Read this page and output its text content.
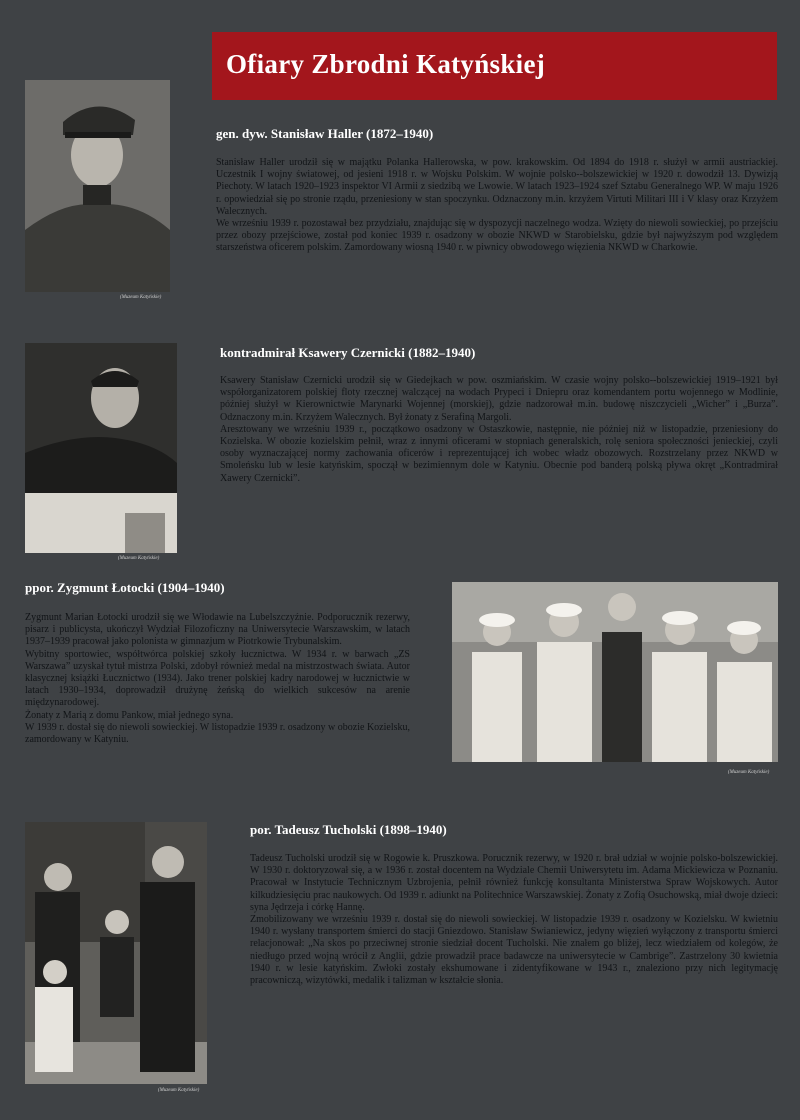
Ofiary Zbrodni Katyńskiej
(Muzeum Katyńskie)
gen. dyw. Stanisław Haller (1872–1940)

Stanisław Haller urodził się w majątku Polanka Hallerowska, w pow. krakowskim. Od 1894 do 1918 r. służył w armii austriackiej. Uczestnik I wojny światowej, od jesieni 1918 r. w Wojsku Polskim. W wojnie polsko--bolszewickiej w 1920 r. dowodził 13. Dywizją Piechoty. W latach 1920–1923 inspektor VI Armii z siedzibą we Lwowie. W latach 1923–1924 szef Sztabu Generalnego WP. W maju 1926 r. opowiedział się po stronie rządu, przeniesiony w stan spoczynku. Odznaczony m.in. krzyżem Virtuti Militari III i V klasy oraz Krzyżem Walecznych.

We wrześniu 1939 r. pozostawał bez przydziału, znajdując się w dyspozycji naczelnego wodza. Wzięty do niewoli sowieckiej, po przejściu przez obozy przejściowe, został pod koniec 1939 r. osadzony w obozie NKWD w Starobielsku, gdzie był najwyższym pod względem starszeństwa oficerem polskim. Zamordowany wiosną 1940 r. w piwnicy obwodowego więzienia NKWD w Charkowie.

(Muzeum Katyńskie)
kontradmirał Ksawery Czernicki (1882–1940)

Ksawery Stanisław Czernicki urodził się w Giedejkach w pow. oszmiańskim. W czasie wojny polsko--bolszewickiej 1919–1921 był współorganizatorem polskiej floty rzecznej walczącej na wodach Prypeci i Dniepru oraz komendantem portu wojennego w Modlinie, później służył w Kierownictwie Marynarki Wojennej (morskiej), gdzie nadzorował m.in. budowę niszczycieli „Wicher” i „Burza”. Odznaczony m.in. Krzyżem Walecznych. Był żonaty z Serafiną Margoli.

Aresztowany we wrześniu 1939 r., początkowo osadzony w Ostaszkowie, następnie, nie później niż w listopadzie, przeniesiony do Kozielska. W obozie kozielskim pełnił, wraz z innymi oficerami w stopniach generalskich, rolę seniora społeczności jenieckiej, czyli osoby wyznaczającej normy zachowania oficerów i reprezentującej ich wobec władz obozowych. Rozstrzelany przez NKWD w Smoleńsku lub w lesie katyńskim, spoczął w bezimiennym dole w Katyniu. Obecnie pod banderą polską pływa okręt „Kontradmirał Xawery Czernicki”.

ppor. Zygmunt Łotocki (1904–1940)

Zygmunt Marian Łotocki urodził się we Włodawie na Lubelszczyźnie. Podporucznik rezerwy, pisarz i publicysta, ukończył Wydział Filozoficzny na Uniwersytecie Warszawskim, w latach 1937–1939 pracował jako polonista w gimnazjum w Piotrkowie Trybunalskim.

Wybitny sportowiec, współtwórca polskiej szkoły łucznictwa. W 1934 r. w barwach „ZS Warszawa” uzyskał tytuł mistrza Polski, zdobył również medal na mistrzostwach świata. Autor klasycznej książki Łucznictwo (1934). Jako trener polskiej kadry narodowej w łucznictwie w latach 1930–1934, doprowadził drużynę żeńską do wielkich sukcesów na arenie międzynarodowej.

Żonaty z Marią z domu Pankow, miał jednego syna.

W 1939 r. dostał się do niewoli sowieckiej. W listopadzie 1939 r. osadzony w obozie Kozielsku, zamordowany w Katyniu.

(Muzeum Katyńskie)
(Muzeum Katyńskie)
por. Tadeusz Tucholski (1898–1940)

Tadeusz Tucholski urodził się w Rogowie k. Pruszkowa. Porucznik rezerwy, w 1920 r. brał udział w wojnie polsko-bolszewickiej. W 1930 r. doktoryzował się, a w 1936 r. został docentem na Wydziale Chemii Uniwersytetu im. Adama Mickiewicza w Poznaniu. Pracował w Instytucie Technicznym Uzbrojenia, pełnił również funkcję konsultanta Ministerstwa Spraw Wojskowych. Autor kilkudziesięciu prac naukowych. Od 1939 r. adiunkt na Politechnice Warszawskiej. Żonaty z Zofią Osuchowską, miał dwoje dzieci: syna Jędrzeja i córkę Hannę.

Zmobilizowany we wrześniu 1939 r. dostał się do niewoli sowieckiej. W listopadzie 1939 r. osadzony w Kozielsku. W kwietniu 1940 r. wysłany transportem śmierci do stacji Gniezdowo. Stanisław Swianiewicz, jedyny więzień wyłączony z transportu śmierci relacjonował: „Na skos po przeciwnej stronie siedział docent Tucholski. Nie znałem go bliżej, lecz wiedziałem od kolegów, że niedługo przed wojną wrócił z Anglii, gdzie prowadził prace badawcze na uniwersytecie w Cambrige”. Zastrzelony 30 kwietnia 1940 r. w lesie katyńskim. Zwłoki zostały ekshumowane i zidentyfikowane w 1943 r., znaleziono przy nich legitymację pracowniczą, wizytówki, medalik i talizman w kształcie słonia.
